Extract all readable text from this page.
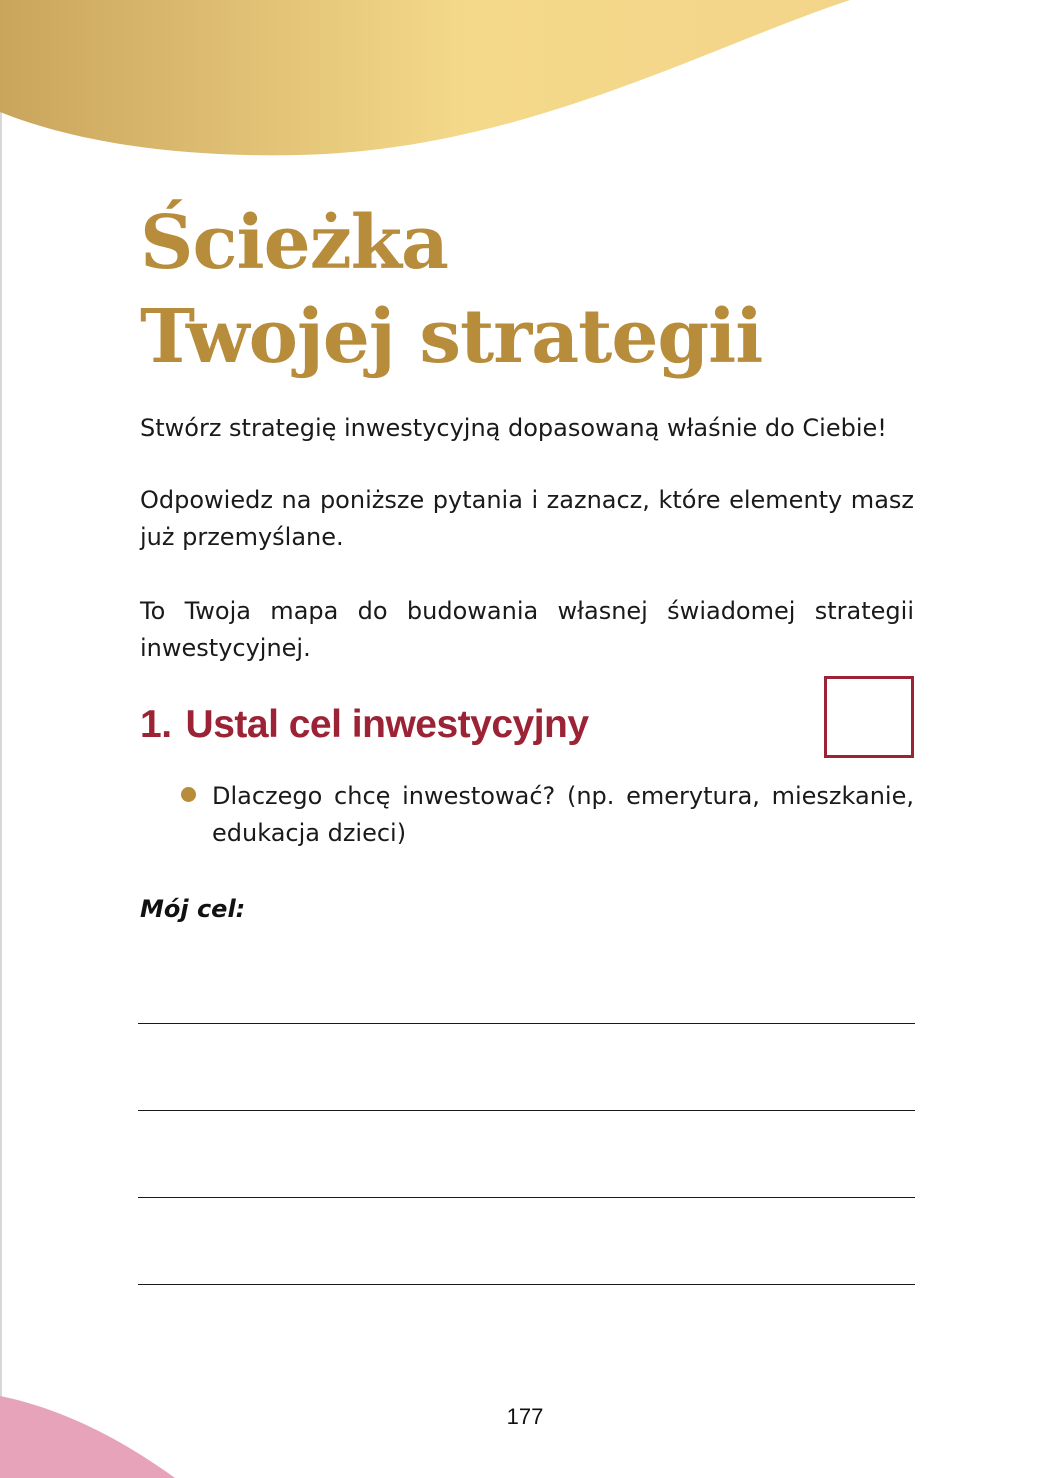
Ścieżka
Twojej strategii

Stwórz strategię inwestycyjną dopasowaną właśnie do Ciebie!

Odpowiedz na poniższe pytania i zaznacz, które elementy masz już przemyślane.

To Twoja mapa do budowania własnej świadomej strategii inwestycyjnej.

1. Ustal cel inwestycyjny

Dlaczego chcę inwestować? (np. emerytura, mieszkanie, edukacja dzieci)

Mój cel:

177
